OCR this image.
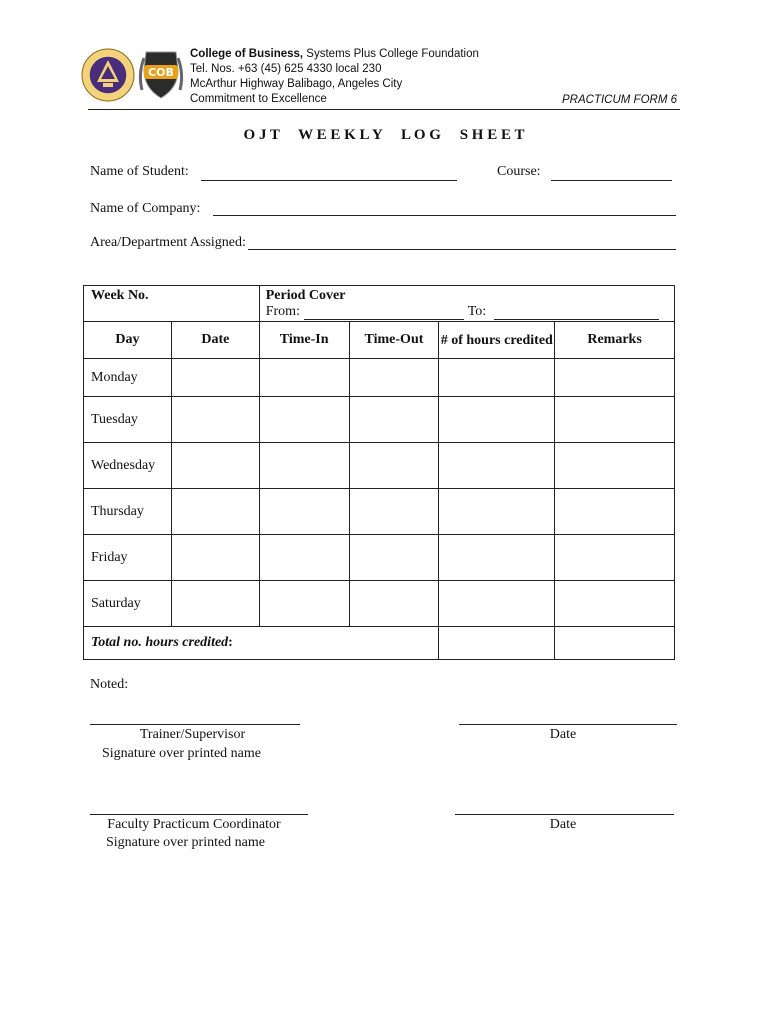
COB
College of Business, Systems Plus College Foundation
Tel. Nos. +63 (45) 625 4330 local 230
McArthur Highway Balibago, Angeles City
Commitment to Excellence	PRACTICUM FORM 6
O J T     W E E K L Y     L O G     S H E E T
Name of Student:	Course:
Name of Company:
Area/Department Assigned:
Week No.		Period Cover
From: To:			

Day	Date	Time-In	Time-Out	# of hours credited	Remarks
Monday					
Tuesday					
Wednesday					
Thursday					
Friday					
Saturday					
Total no. hours credited:					
Noted:
Trainer/Supervisor	Date
Signature over printed name
Faculty Practicum Coordinator	Date
Signature over printed name
